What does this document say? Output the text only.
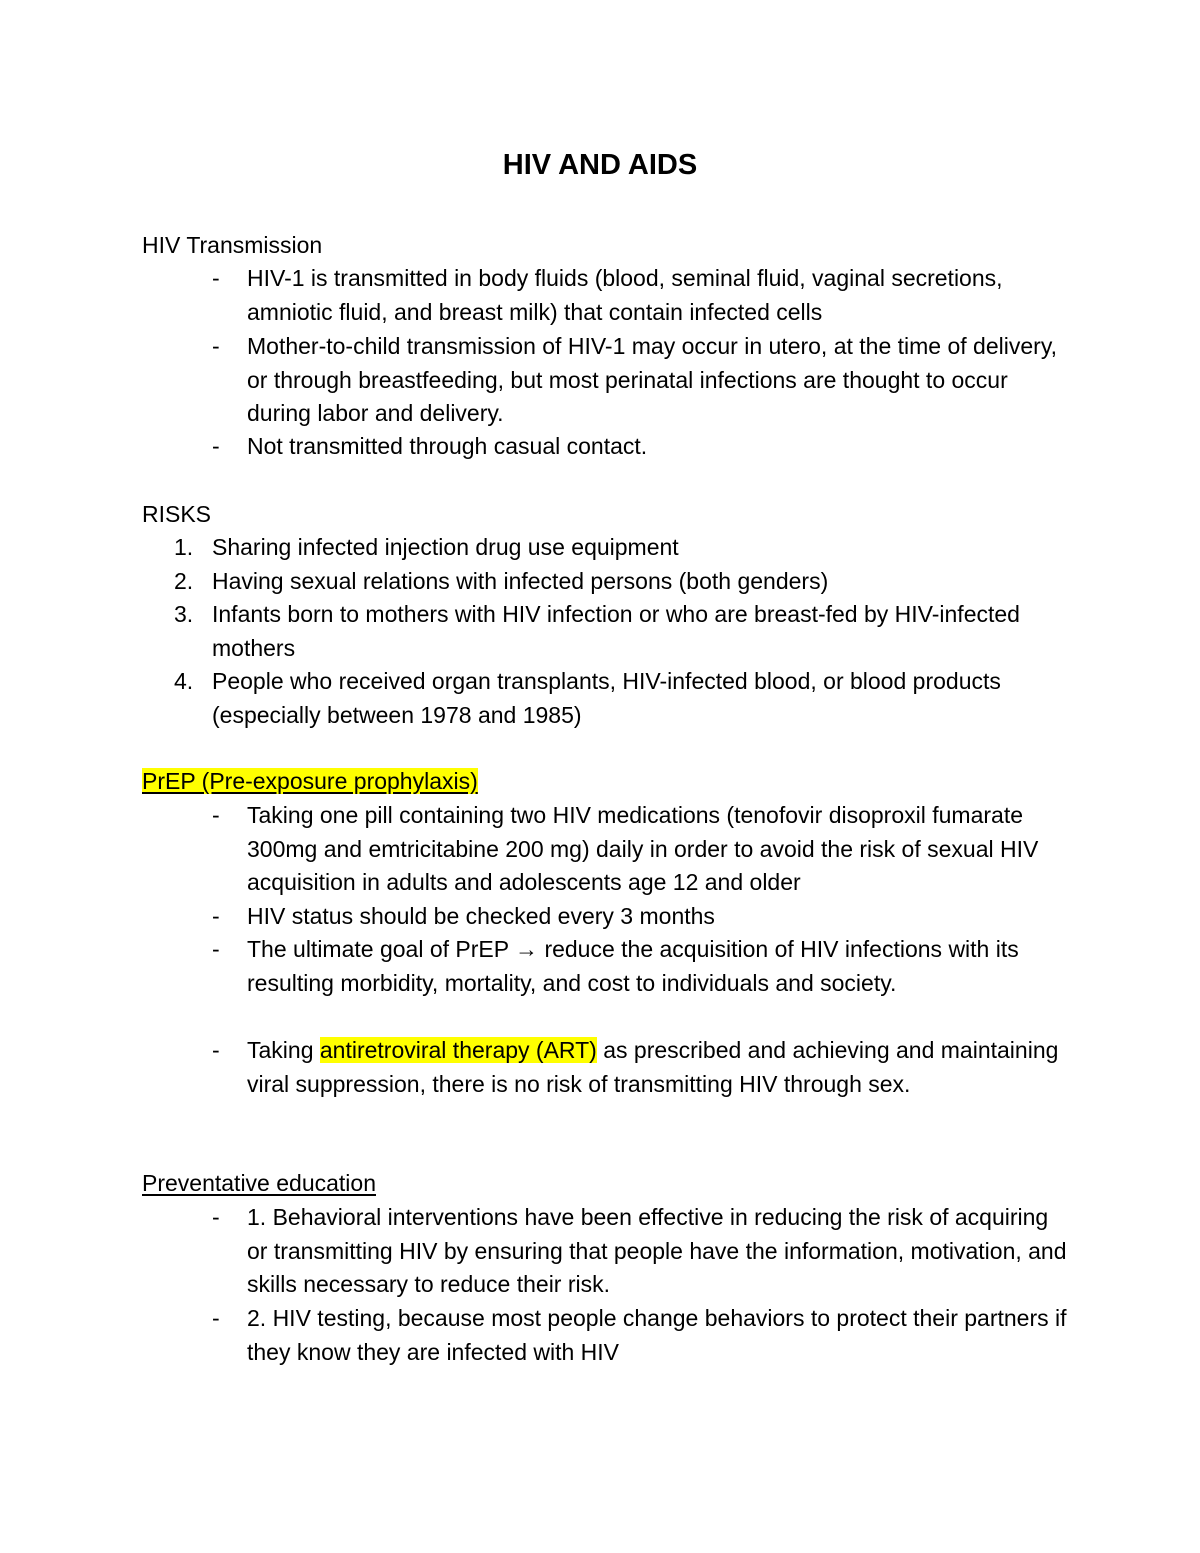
HIV AND AIDS
HIV Transmission
-	HIV-1 is transmitted in body fluids (blood, seminal fluid, vaginal secretions, amniotic fluid, and breast milk) that contain infected cells
-	Mother-to-child transmission of HIV-1 may occur in utero, at the time of delivery, or through breastfeeding, but most perinatal infections are thought to occur during labor and delivery.
-	Not transmitted through casual contact.
RISKS
1. Sharing infected injection drug use equipment
2. Having sexual relations with infected persons (both genders)
3. Infants born to mothers with HIV infection or who are breast-fed by HIV-infected mothers
4. People who received organ transplants, HIV-infected blood, or blood products (especially between 1978 and 1985)
PrEP (Pre-exposure prophylaxis)
-	Taking one pill containing two HIV medications (tenofovir disoproxil fumarate 300mg and emtricitabine 200 mg) daily in order to avoid the risk of sexual HIV acquisition in adults and adolescents age 12 and older
-	HIV status should be checked every 3 months
-	The ultimate goal of PrEP → reduce the acquisition of HIV infections with its resulting morbidity, mortality, and cost to individuals and society.
-	Taking antiretroviral therapy (ART) as prescribed and achieving and maintaining viral suppression, there is no risk of transmitting HIV through sex.
Preventative education
-	1. Behavioral interventions have been effective in reducing the risk of acquiring or transmitting HIV by ensuring that people have the information, motivation, and skills necessary to reduce their risk.
-	2. HIV testing, because most people change behaviors to protect their partners if they know they are infected with HIV
